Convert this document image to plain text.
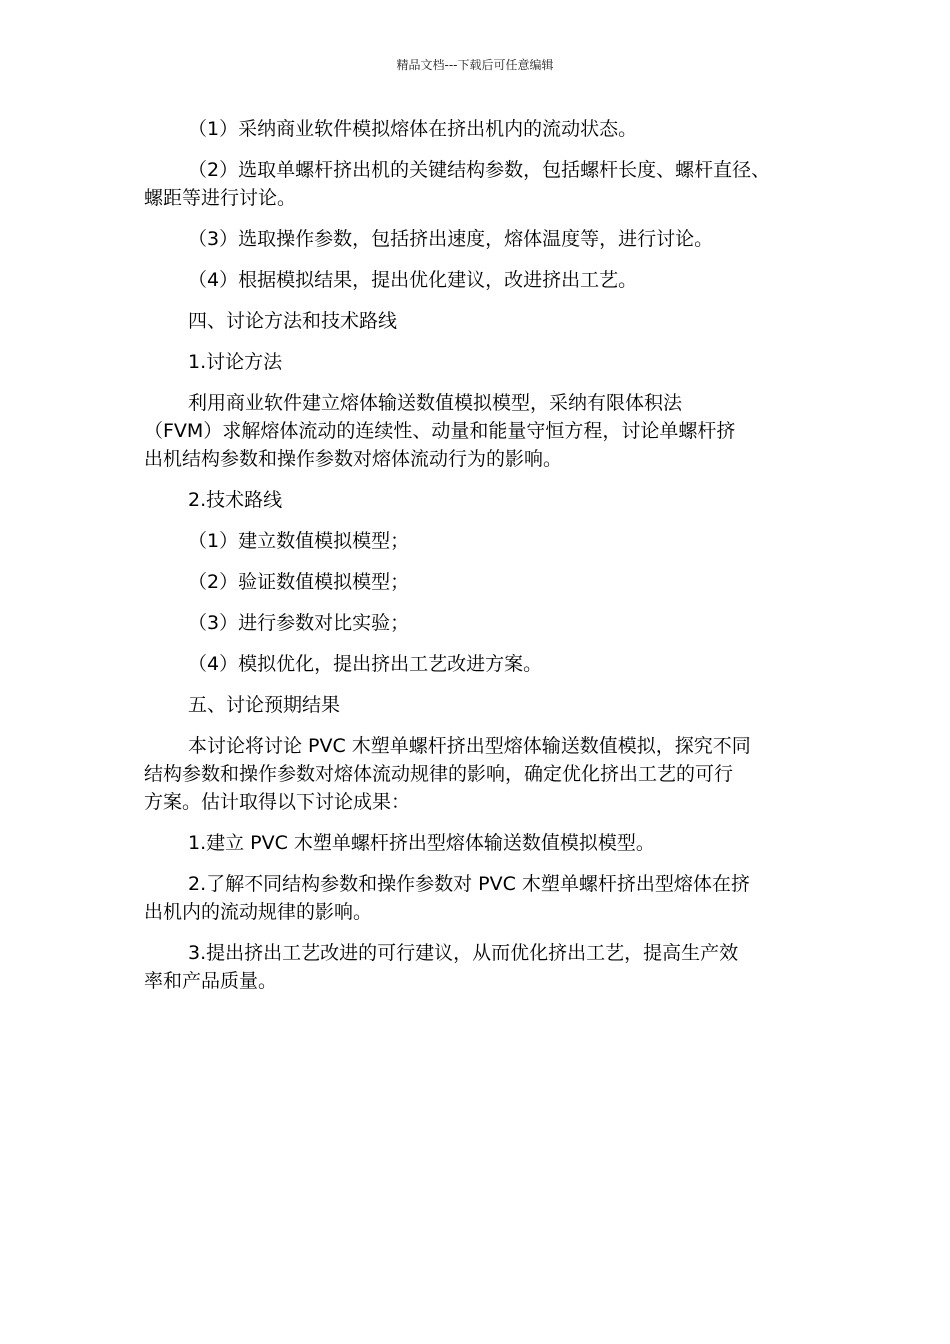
精品文档---下载后可任意编辑

（1）采纳商业软件模拟熔体在挤出机内的流动状态。

（2）选取单螺杆挤出机的关键结构参数，包括螺杆长度、螺杆直径、
螺距等进行讨论。

（3）选取操作参数，包括挤出速度，熔体温度等，进行讨论。

（4）根据模拟结果，提出优化建议，改进挤出工艺。

四、讨论方法和技术路线

1.讨论方法

利用商业软件建立熔体输送数值模拟模型，采纳有限体积法
（FVM）求解熔体流动的连续性、动量和能量守恒方程，讨论单螺杆挤
出机结构参数和操作参数对熔体流动行为的影响。

2.技术路线

（1）建立数值模拟模型；

（2）验证数值模拟模型；

（3）进行参数对比实验；

（4）模拟优化，提出挤出工艺改进方案。

五、讨论预期结果

本讨论将讨论 PVC 木塑单螺杆挤出型熔体输送数值模拟，探究不同
结构参数和操作参数对熔体流动规律的影响，确定优化挤出工艺的可行
方案。估计取得以下讨论成果：

1.建立 PVC 木塑单螺杆挤出型熔体输送数值模拟模型。

2.了解不同结构参数和操作参数对 PVC 木塑单螺杆挤出型熔体在挤
出机内的流动规律的影响。

3.提出挤出工艺改进的可行建议，从而优化挤出工艺，提高生产效
率和产品质量。
